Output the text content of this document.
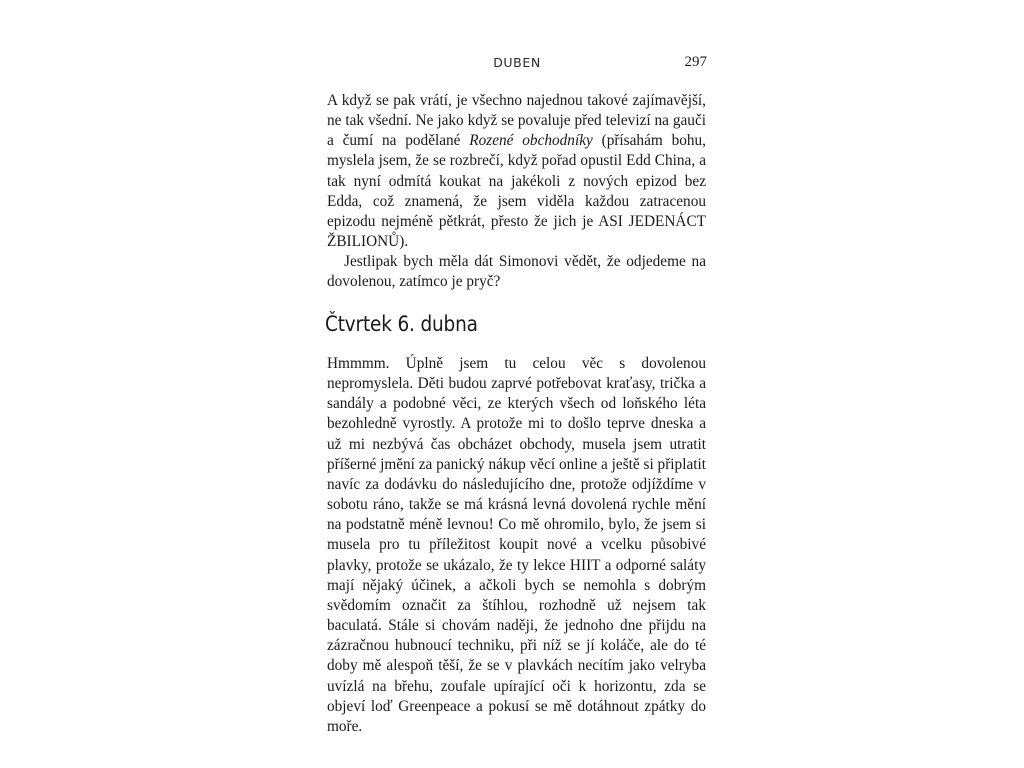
DUBEN	297

A když se pak vrátí, je všechno najednou takové zajímavější, ne tak všední. Ne jako když se povaluje před televizí na gauči a čumí na podělané Rozené obchodníky (přísahám bohu, myslela jsem, že se rozbrečí, když pořad opustil Edd China, a tak nyní odmítá koukat na jakékoli z nových epizod bez Edda, což znamená, že jsem viděla každou zatracenou epizodu nejméně pětkrát, přesto že jich je ASI JEDENÁCT ŽBILIONŮ).

Jestlipak bych měla dát Simonovi vědět, že odjedeme na dovolenou, zatímco je pryč?

Čtvrtek 6. dubna

Hmmmm. Úplně jsem tu celou věc s dovolenou nepromyslela. Děti budou zaprvé potřebovat kraťasy, trička a sandály a podobné věci, ze kterých všech od loňského léta bezohledně vyrostly. A protože mi to došlo teprve dneska a už mi nezbývá čas obcházet obchody, musela jsem utratit příšerné jmění za panický nákup věcí online a ještě si připlatit navíc za dodávku do následujícího dne, protože odjíždíme v sobotu ráno, takže se má krásná levná dovolená rychle mění na podstatně méně levnou! Co mě ohromilo, bylo, že jsem si musela pro tu příležitost koupit nové a vcelku působivé plavky, protože se ukázalo, že ty lekce HIIT a odporné saláty mají nějaký účinek, a ačkoli bych se nemohla s dobrým svědomím označit za štíhlou, rozhodně už nejsem tak baculatá. Stále si chovám naději, že jednoho dne přijdu na zázračnou hubnoucí techniku, při níž se jí koláče, ale do té doby mě alespoň těší, že se v plavkách necítím jako velryba uvízlá na břehu, zoufale upírající oči k horizontu, zda se objeví loď Greenpeace a pokusí se mě dotáhnout zpátky do moře.
